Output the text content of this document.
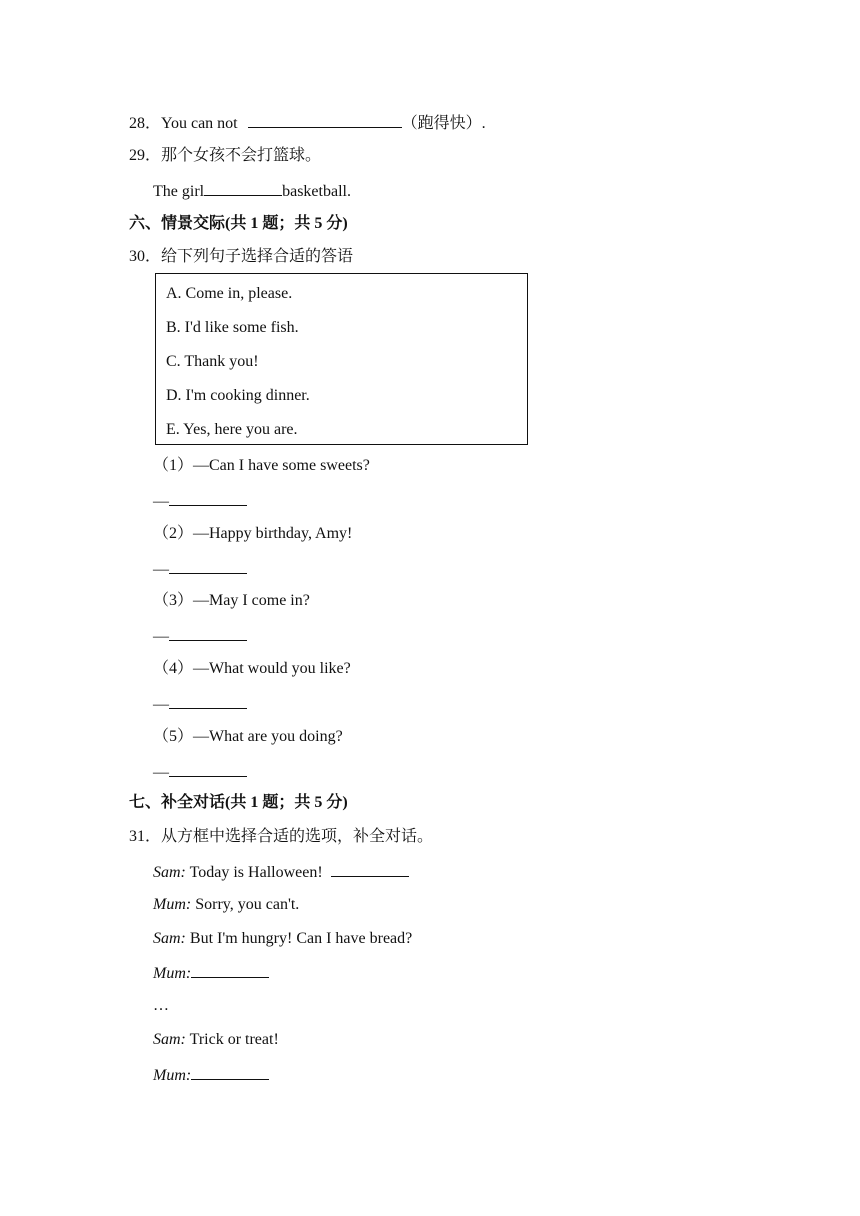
28．You can not	（跑得快）.
29．那个女孩不会打篮球。
The girl	basketball.
六、情景交际(共 1 题；共 5 分)
30．给下列句子选择合适的答语
A. Come in, please.
B. I'd like some fish.
C. Thank you!
D. I'm cooking dinner.
E. Yes, here you are.
（1）—Can I have some sweets?
—
（2）—Happy birthday, Amy!
—
（3）—May I come in?
—
（4）—What would you like?
—
（5）—What are you doing?
—
七、补全对话(共 1 题；共 5 分)
31．从方框中选择合适的选项，补全对话。
Sam: Today is Halloween!
Mum: Sorry, you can't.
Sam: But I'm hungry! Can I have bread?
Mum:
…
Sam: Trick or treat!
Mum:
